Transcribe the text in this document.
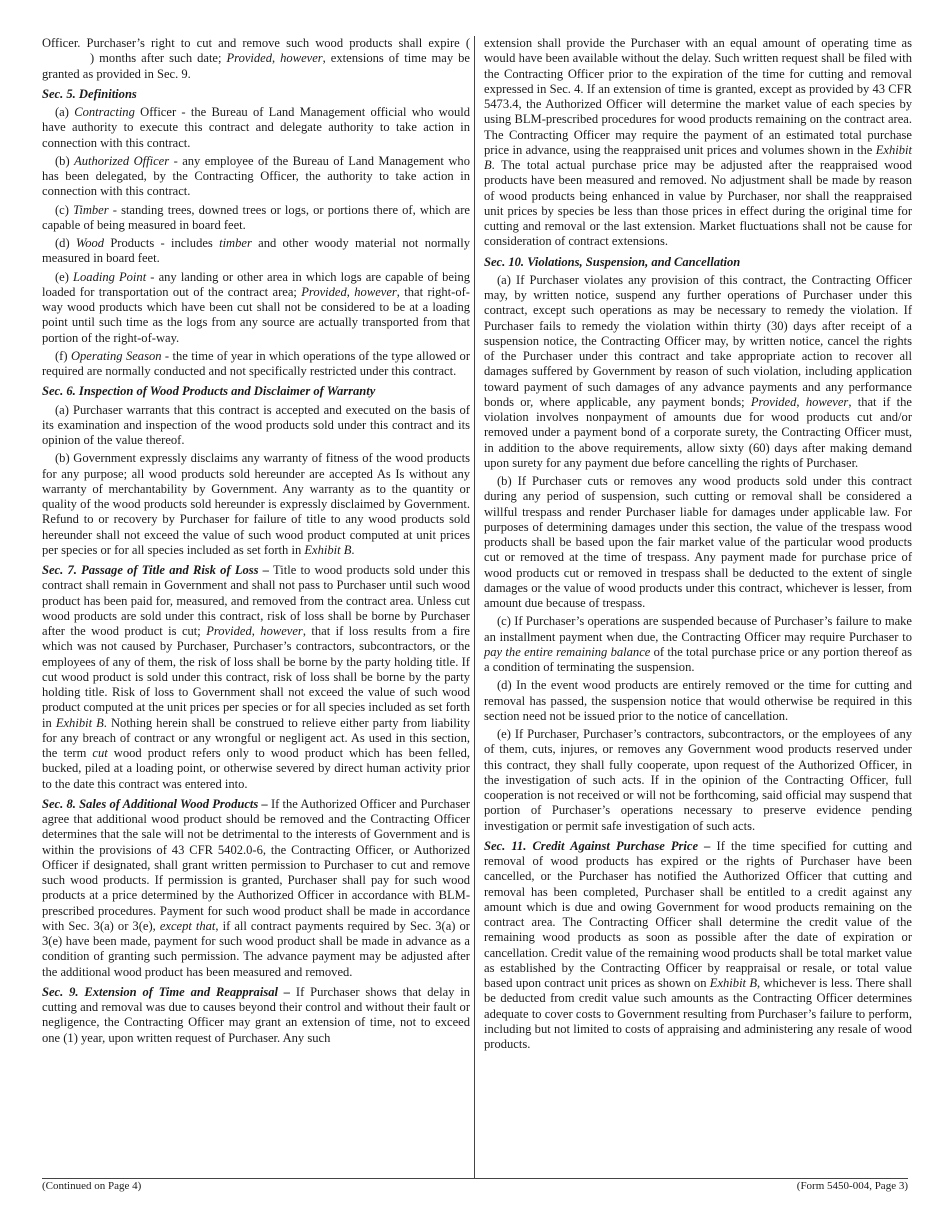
Officer. Purchaser’s right to cut and remove such wood products shall expire () months after such date; Provided, however, extensions of time may be granted as provided in Sec. 9.

Sec. 5. Definitions

(a) Contracting Officer - the Bureau of Land Management official who would have authority to execute this contract and delegate authority to take action in connection with this contract.

(b) Authorized Officer - any employee of the Bureau of Land Management who has been delegated, by the Contracting Officer, the authority to take action in connection with this contract.

(c) Timber - standing trees, downed trees or logs, or portions there of, which are capable of being measured in board feet.

(d) Wood Products - includes timber and other woody material not normally measured in board feet.

(e) Loading Point - any landing or other area in which logs are capable of being loaded for transportation out of the contract area; Provided, however, that right-of-way wood products which have been cut shall not be considered to be at a loading point until such time as the logs from any source are actually transported from that portion of the right-of-way.

(f) Operating Season - the time of year in which operations of the type allowed or required are normally conducted and not specifically restricted under this contract.

Sec. 6. Inspection of Wood Products and Disclaimer of Warranty

(a) Purchaser warrants that this contract is accepted and executed on the basis of its examination and inspection of the wood products sold under this contract and its opinion of the value thereof.

(b) Government expressly disclaims any warranty of fitness of the wood products for any purpose; all wood products sold hereunder are accepted As Is without any warranty of merchantability by Government. Any warranty as to the quantity or quality of the wood products sold hereunder is expressly disclaimed by Government. Refund to or recovery by Purchaser for failure of title to any wood products sold hereunder shall not exceed the value of such wood product computed at unit prices per species or for all species included as set forth in Exhibit B.

Sec. 7. Passage of Title and Risk of Loss – Title to wood products sold under this contract shall remain in Government and shall not pass to Purchaser until such wood product has been paid for, measured, and removed from the contract area. Unless cut wood products are sold under this contract, risk of loss shall be borne by Purchaser after the wood product is cut; Provided, however, that if loss results from a fire which was not caused by Purchaser, Purchaser’s contractors, subcontractors, or the employees of any of them, the risk of loss shall be borne by the party holding title. If cut wood product is sold under this contract, risk of loss shall be borne by the party holding title. Risk of loss to Government shall not exceed the value of such wood product computed at the unit prices per species or for all species included as set forth in Exhibit B. Nothing herein shall be construed to relieve either party from liability for any breach of contract or any wrongful or negligent act. As used in this section, the term cut wood product refers only to wood product which has been felled, bucked, piled at a loading point, or otherwise severed by direct human activity prior to the date this contract was entered into.

Sec. 8. Sales of Additional Wood Products – If the Authorized Officer and Purchaser agree that additional wood product should be removed and the Contracting Officer determines that the sale will not be detrimental to the interests of Government and is within the provisions of 43 CFR 5402.0-6, the Contracting Officer, or Authorized Officer if designated, shall grant written permission to Purchaser to cut and remove such wood products. If permission is granted, Purchaser shall pay for such wood products at a price determined by the Authorized Officer in accordance with BLM-prescribed procedures. Payment for such wood product shall be made in accordance with Sec. 3(a) or 3(e), except that, if all contract payments required by Sec. 3(a) or 3(e) have been made, payment for such wood product shall be made in advance as a condition of granting such permission. The advance payment may be adjusted after the additional wood product has been measured and removed.

Sec. 9. Extension of Time and Reappraisal – If Purchaser shows that delay in cutting and removal was due to causes beyond their control and without their fault or negligence, the Contracting Officer may grant an extension of time, not to exceed one (1) year, upon written request of Purchaser. Any such

extension shall provide the Purchaser with an equal amount of operating time as would have been available without the delay. Such written request shall be filed with the Contracting Officer prior to the expiration of the time for cutting and removal expressed in Sec. 4. If an extension of time is granted, except as provided by 43 CFR 5473.4, the Authorized Officer will determine the market value of each species by using BLM-prescribed procedures for wood products remaining on the contract area. The Contracting Officer may require the payment of an estimated total purchase price in advance, using the reappraised unit prices and volumes shown in the Exhibit B. The total actual purchase price may be adjusted after the reappraised wood products have been measured and removed. No adjustment shall be made by reason of wood products being enhanced in value by Purchaser, nor shall the reappraised unit prices by species be less than those prices in effect during the original time for cutting and removal or the last extension. Market fluctuations shall not be cause for consideration of contract extensions.

Sec. 10. Violations, Suspension, and Cancellation

(a) If Purchaser violates any provision of this contract, the Contracting Officer may, by written notice, suspend any further operations of Purchaser under this contract, except such operations as may be necessary to remedy the violation. If Purchaser fails to remedy the violation within thirty (30) days after receipt of a suspension notice, the Contracting Officer may, by written notice, cancel the rights of the Purchaser under this contract and take appropriate action to recover all damages suffered by Government by reason of such violation, including application toward payment of such damages of any advance payments and any performance bonds or, where applicable, any payment bonds; Provided, however, that if the violation involves nonpayment of amounts due for wood products cut and/or removed under a payment bond of a corporate surety, the Contracting Officer must, in addition to the above requirements, allow sixty (60) days after making demand upon surety for any payment due before cancelling the rights of Purchaser.

(b) If Purchaser cuts or removes any wood products sold under this contract during any period of suspension, such cutting or removal shall be considered a willful trespass and render Purchaser liable for damages under applicable law. For purposes of determining damages under this section, the value of the trespass wood products shall be based upon the fair market value of the particular wood products cut or removed at the time of trespass. Any payment made for purchase price of wood products cut or removed in trespass shall be deducted to the extent of single damages or the value of wood products under this contract, whichever is lesser, from amount due because of trespass.

(c) If Purchaser’s operations are suspended because of Purchaser’s failure to make an installment payment when due, the Contracting Officer may require Purchaser to pay the entire remaining balance of the total purchase price or any portion thereof as a condition of terminating the suspension.

(d) In the event wood products are entirely removed or the time for cutting and removal has passed, the suspension notice that would otherwise be required in this section need not be issued prior to the notice of cancellation.

(e) If Purchaser, Purchaser’s contractors, subcontractors, or the employees of any of them, cuts, injures, or removes any Government wood products reserved under this contract, they shall fully cooperate, upon request of the Authorized Officer, in the investigation of such acts. If in the opinion of the Contracting Officer, full cooperation is not received or will not be forthcoming, said official may suspend that portion of Purchaser’s operations necessary to preserve evidence pending investigation or permit safe investigation of such acts.

Sec. 11. Credit Against Purchase Price – If the time specified for cutting and removal of wood products has expired or the rights of Purchaser have been cancelled, or the Purchaser has notified the Authorized Officer that cutting and removal has been completed, Purchaser shall be entitled to a credit against any amount which is due and owing Government for wood products remaining on the contract area. The Contracting Officer shall determine the credit value of the remaining wood products as soon as possible after the date of expiration or cancellation. Credit value of the remaining wood products shall be total market value as established by the Contracting Officer by reappraisal or resale, or total value based upon contract unit prices as shown on Exhibit B, whichever is less. There shall be deducted from credit value such amounts as the Contracting Officer determines adequate to cover costs to Government resulting from Purchaser’s failure to perform, including but not limited to costs of appraising and administering any resale of wood products.

(Continued on Page 4)	(Form 5450-004, Page 3)
